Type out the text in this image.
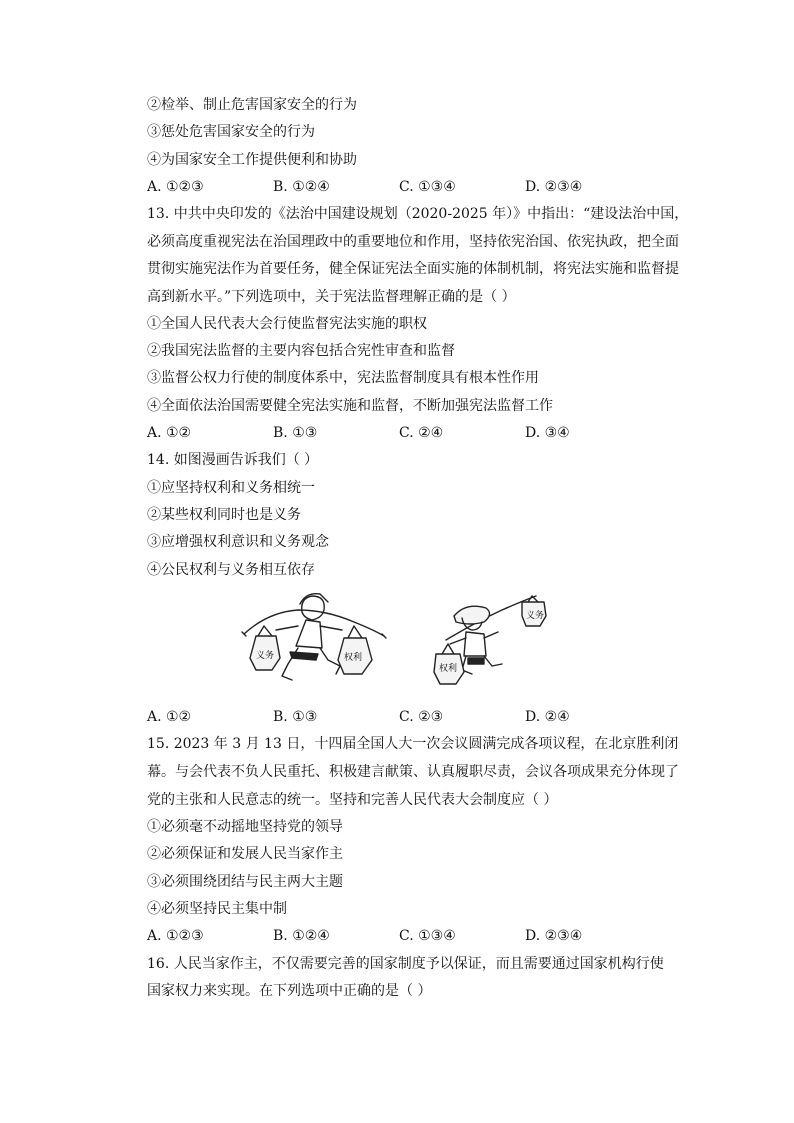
②检举、制止危害国家安全的行为
③惩处危害国家安全的行为
④为国家安全工作提供便利和协助
A. ①②③	B. ①②④	C. ①③④	D. ②③④
13. 中共中央印发的《法治中国建设规划（2020-2025 年）》中指出：“建设法治中国，
必须高度重视宪法在治国理政中的重要地位和作用，坚持依宪治国、依宪执政，把全面
贯彻实施宪法作为首要任务，健全保证宪法全面实施的体制机制，将宪法实施和监督提
高到新水平。”下列选项中，关于宪法监督理解正确的是（ ）
①全国人民代表大会行使监督宪法实施的职权
②我国宪法监督的主要内容包括合宪性审查和监督
③监督公权力行使的制度体系中，宪法监督制度具有根本性作用
④全面依法治国需要健全宪法实施和监督，不断加强宪法监督工作
A. ①②	B. ①③	C. ②④	D. ③④
14. 如图漫画告诉我们（ ）
①应坚持权利和义务相统一
②某些权利同时也是义务
③应增强权利意识和义务观念
④公民权利与义务相互依存
义务	权利
权利
义务
A. ①②	B. ①③	C. ②③	D. ②④
15. 2023 年 3 月 13 日，十四届全国人大一次会议圆满完成各项议程，在北京胜利闭
幕。与会代表不负人民重托、积极建言献策、认真履职尽责，会议各项成果充分体现了
党的主张和人民意志的统一。坚持和完善人民代表大会制度应（ ）
①必须毫不动摇地坚持党的领导
②必须保证和发展人民当家作主
③必须围绕团结与民主两大主题
④必须坚持民主集中制
A. ①②③	B. ①②④	C. ①③④	D. ②③④
16. 人民当家作主，不仅需要完善的国家制度予以保证，而且需要通过国家机构行使
国家权力来实现。在下列选项中正确的是（ ）
